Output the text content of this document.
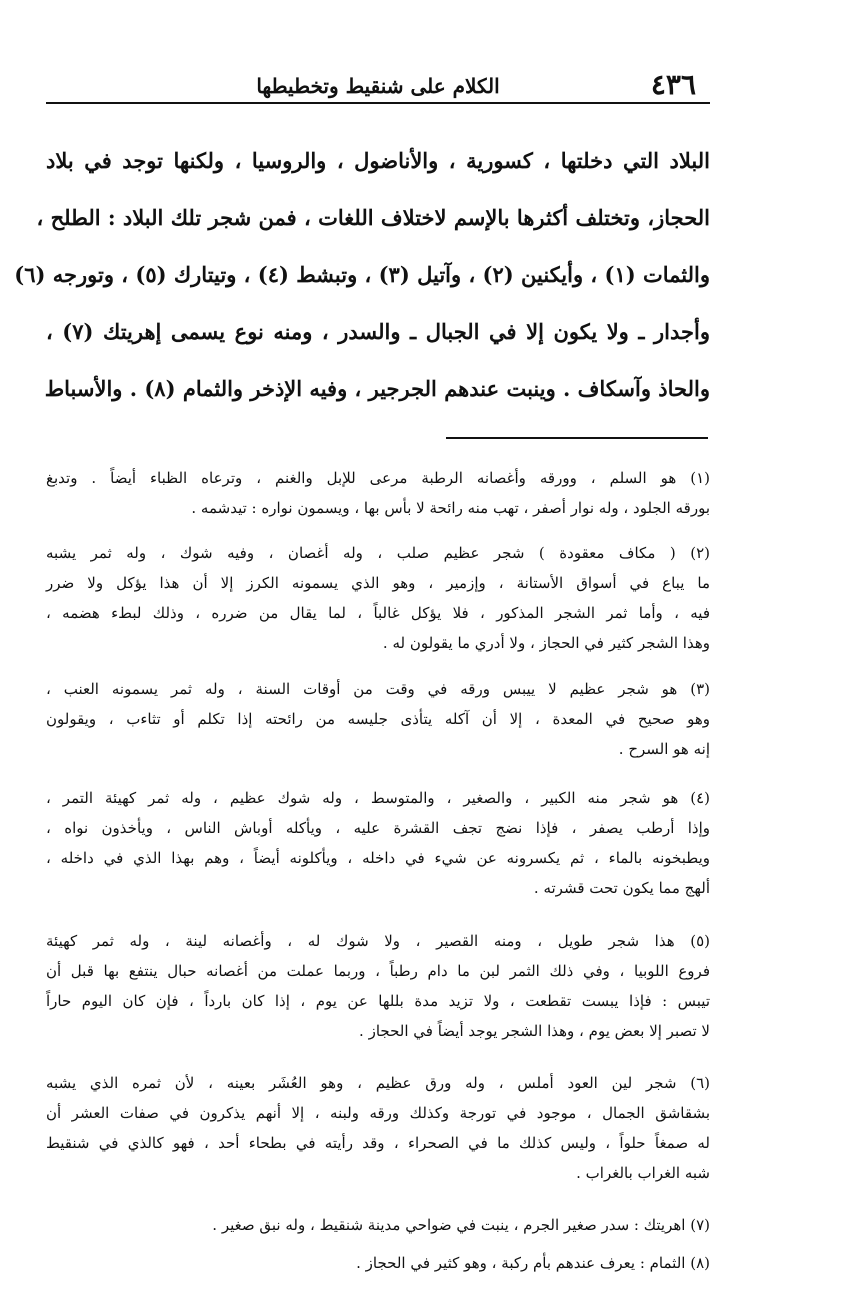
٤٣٦
الكلام على شنقيط وتخطيطها
البلاد التي دخلتها ، كسورية ، والأناضول ، والروسيا ، ولكنها توجد في بلاد
الحجاز، وتختلف أكثرها بالإسم لاختلاف اللغات ، فمن شجر تلك البلاد : الطلح ،
والثمات (١) ، وأيكنين (٢) ، وآتيل (٣) ، وتبشط (٤) ، وتيتارك (٥) ، وتورجه (٦)
وأجدار ـ ولا يكون إلا في الجبال ـ والسدر ، ومنه نوع يسمى إهريتك (٧) ،
والحاذ وآسكاف . وينبت عندهم الجرجير ، وفيه الإذخر والثمام (٨) . والأسباط
(١) هو السلم ، وورقه وأغصانه الرطبة مرعى للإبل والغنم ، وترعاه الظباء أيضاً . وتدبغ
بورقه الجلود ، وله نوار أصفر ، تهب منه رائحة لا بأس بها ، ويسمون نواره : تيدشمه .
(٢) ( مكاف معقودة ) شجر عظيم صلب ، وله أغصان ، وفيه شوك ، وله ثمر يشبه
ما يباع في أسواق الأستانة ، وإزمير ، وهو الذي يسمونه الكرز إلا أن هذا يؤكل ولا ضرر
فيه ، وأما ثمر الشجر المذكور ، فلا يؤكل غالباً ، لما يقال من ضرره ، وذلك لبطء هضمه ،
وهذا الشجر كثير في الحجاز ، ولا أدري ما يقولون له .
(٣) هو شجر عظيم لا ييبس ورقه في وقت من أوقات السنة ، وله ثمر يسمونه العنب ،
وهو صحيح في المعدة ، إلا أن آكله يتأذى جليسه من رائحته إذا تكلم أو تثاءب ، ويقولون
إنه هو السرح .
(٤) هو شجر منه الكبير ، والصغير ، والمتوسط ، وله شوك عظيم ، وله ثمر كهيئة التمر ،
وإذا أرطب يصفر ، فإذا نضج تجف القشرة عليه ، ويأكله أوباش الناس ، ويأخذون نواه ،
ويطبخونه بالماء ، ثم يكسرونه عن شيء في داخله ، ويأكلونه أيضاً ، وهم بهذا الذي في داخله ،
ألهج مما يكون تحت قشرته .
(٥) هذا شجر طويل ، ومنه القصير ، ولا شوك له ، وأغصانه لينة ، وله ثمر كهيئة
فروع اللوبيا ، وفي ذلك الثمر لبن ما دام رطباً ، وربما عملت من أغصانه حبال ينتفع بها قبل أن
تيبس : فإذا يبست تقطعت ، ولا تزيد مدة بللها عن يوم ، إذا كان بارداً ، فإن كان اليوم حاراً
لا تصبر إلا بعض يوم ، وهذا الشجر يوجد أيضاً في الحجاز .
(٦) شجر لين العود أملس ، وله ورق عظيم ، وهو العُشَر بعينه ، لأن ثمره الذي يشبه
بشقاشق الجمال ، موجود في تورجة وكذلك ورقه ولبنه ، إلا أنهم يذكرون في صفات العشر أن
له صمغاً حلواً ، وليس كذلك ما في الصحراء ، وقد رأيته في بطحاء أحد ، فهو كالذي في شنقيط
شبه الغراب بالغراب .
(٧) اهريتك : سدر صغير الجرم ، ينبت في ضواحي مدينة شنقيط ، وله نبق صغير .
(٨) الثمام : يعرف عندهم بأم ركبة ، وهو كثير في الحجاز .
